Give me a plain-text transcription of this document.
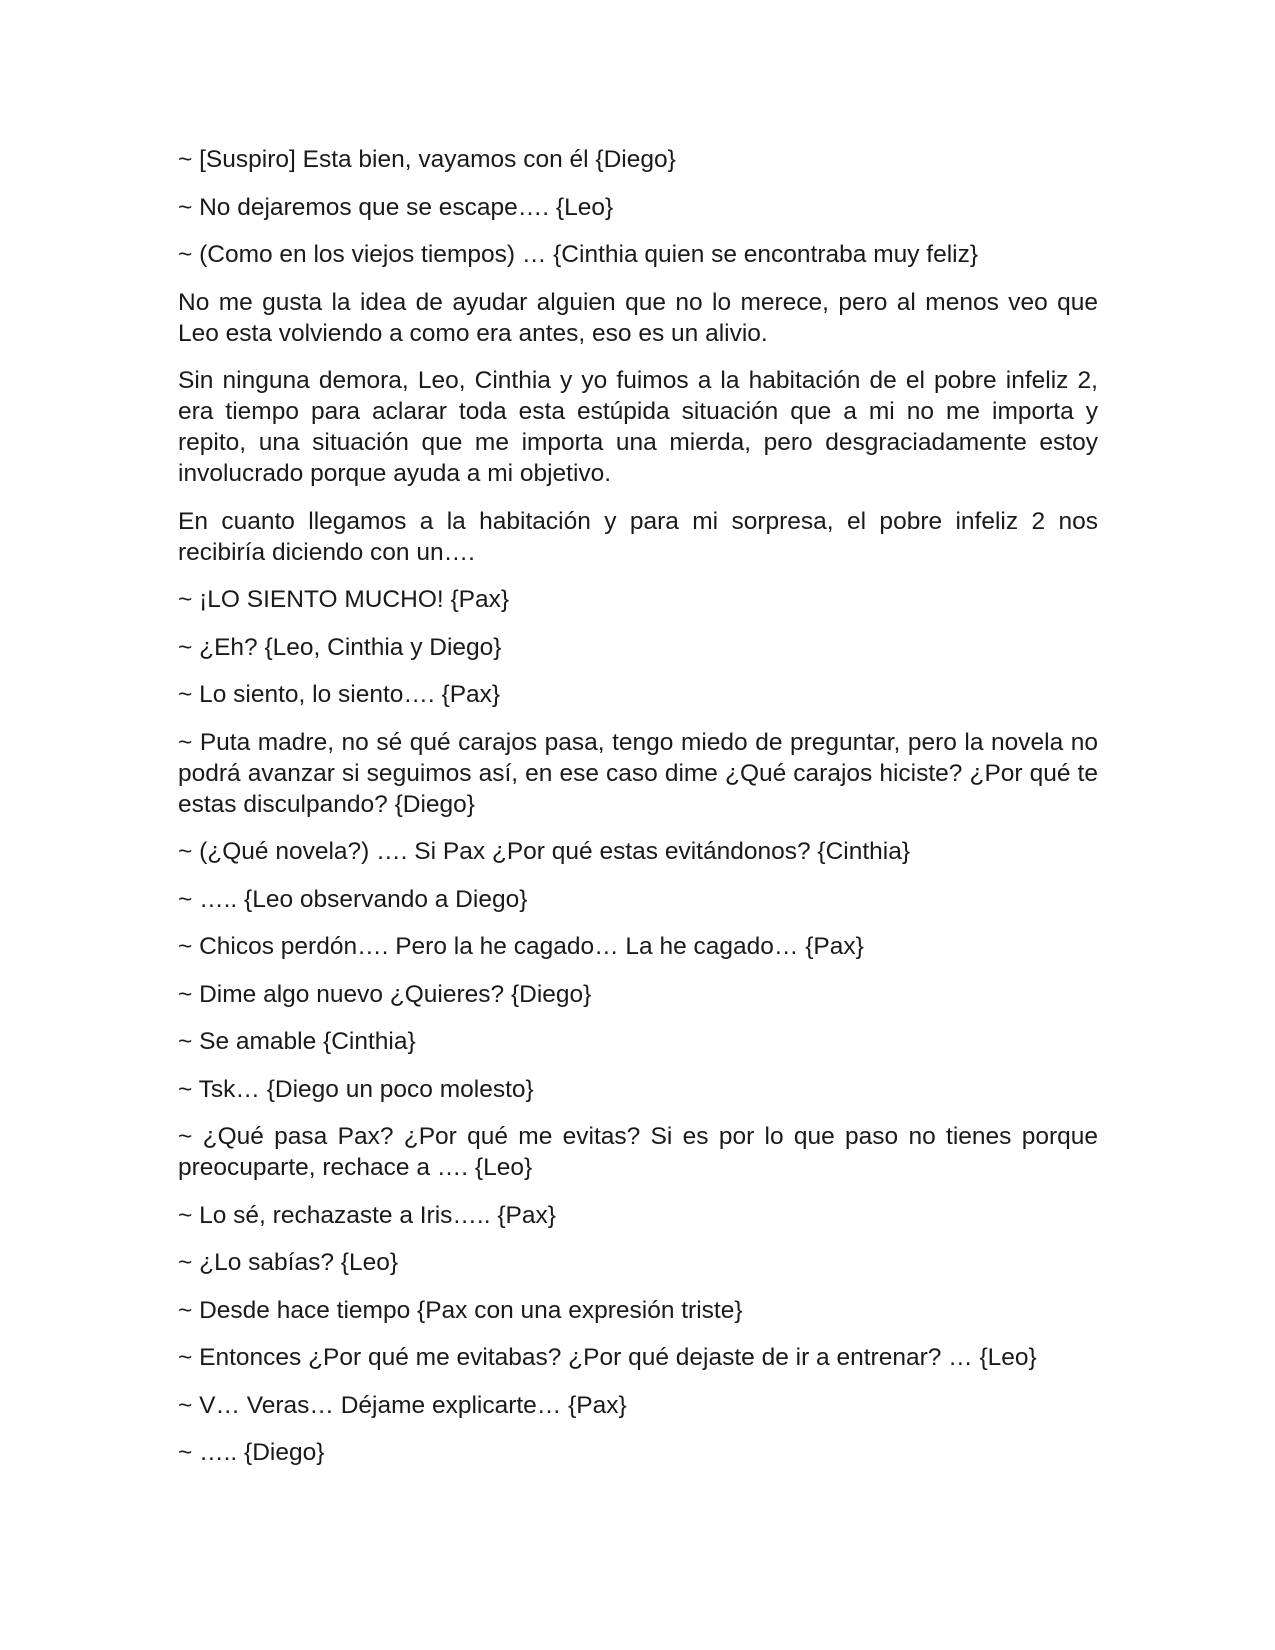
~ [Suspiro] Esta bien, vayamos con él {Diego}

~ No dejaremos que se escape…. {Leo}

~ (Como en los viejos tiempos) … {Cinthia quien se encontraba muy feliz}

No me gusta la idea de ayudar alguien que no lo merece, pero al menos veo que Leo esta volviendo a como era antes, eso es un alivio.

Sin ninguna demora, Leo, Cinthia y yo fuimos a la habitación de el pobre infeliz 2, era tiempo para aclarar toda esta estúpida situación que a mi no me importa y repito, una situación que me importa una mierda, pero desgraciadamente estoy involucrado porque ayuda a mi objetivo.

En cuanto llegamos a la habitación y para mi sorpresa, el pobre infeliz 2 nos recibiría diciendo con un….

~ ¡LO SIENTO MUCHO! {Pax}

~ ¿Eh? {Leo, Cinthia y Diego}

~ Lo siento, lo siento…. {Pax}

~ Puta madre, no sé qué carajos pasa, tengo miedo de preguntar, pero la novela no podrá avanzar si seguimos así, en ese caso dime ¿Qué carajos hiciste? ¿Por qué te estas disculpando? {Diego}

~ (¿Qué novela?) …. Si Pax ¿Por qué estas evitándonos? {Cinthia}

~ ….. {Leo observando a Diego}

~ Chicos perdón…. Pero la he cagado… La he cagado… {Pax}

~ Dime algo nuevo ¿Quieres? {Diego}

~ Se amable {Cinthia}

~ Tsk… {Diego un poco molesto}

~ ¿Qué pasa Pax? ¿Por qué me evitas? Si es por lo que paso no tienes porque preocuparte, rechace a …. {Leo}

~ Lo sé, rechazaste a Iris….. {Pax}

~ ¿Lo sabías? {Leo}

~ Desde hace tiempo {Pax con una expresión triste}

~ Entonces ¿Por qué me evitabas? ¿Por qué dejaste de ir a entrenar? … {Leo}

~ V… Veras… Déjame explicarte… {Pax}

~ ….. {Diego}
